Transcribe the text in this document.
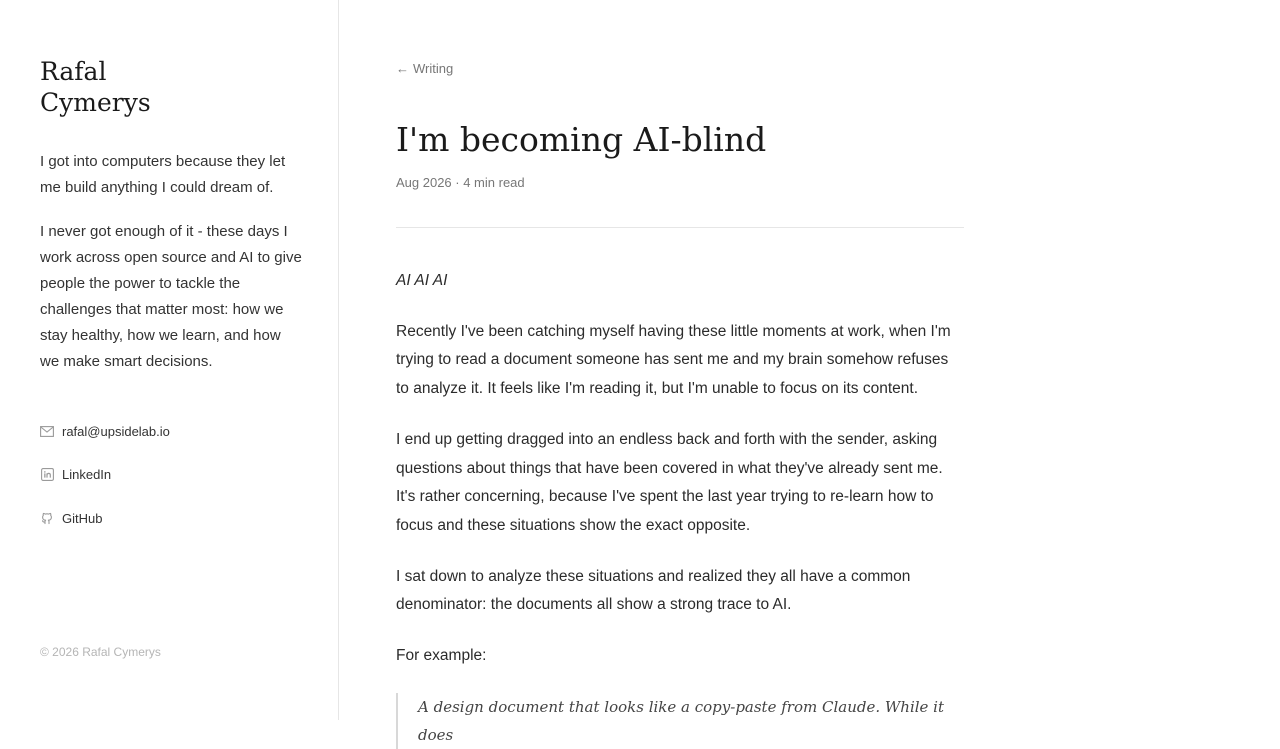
Rafal
Cymerys

I got into computers because they let me build anything I could dream of.

I never got enough of it - these days I work across open source and AI to give people the power to tackle the challenges that matter most: how we stay healthy, how we learn, and how we make smart decisions.

rafal@upsidelab.io
LinkedIn
GitHub
© 2026 Rafal Cymerys
← Writing
I'm becoming AI-blind
Aug 2026 · 4 min read

AI AI AI

Recently I've been catching myself having these little moments at work, when I'm trying to read a document someone has sent me and my brain somehow refuses to analyze it. It feels like I'm reading it, but I'm unable to focus on its content.

I end up getting dragged into an endless back and forth with the sender, asking questions about things that have been covered in what they've already sent me. It's rather concerning, because I've spent the last year trying to re-learn how to focus and these situations show the exact opposite.

I sat down to analyze these situations and realized they all have a common denominator: the documents all show a strong trace to AI.

For example:

A design document that looks like a copy-paste from Claude. While it does
